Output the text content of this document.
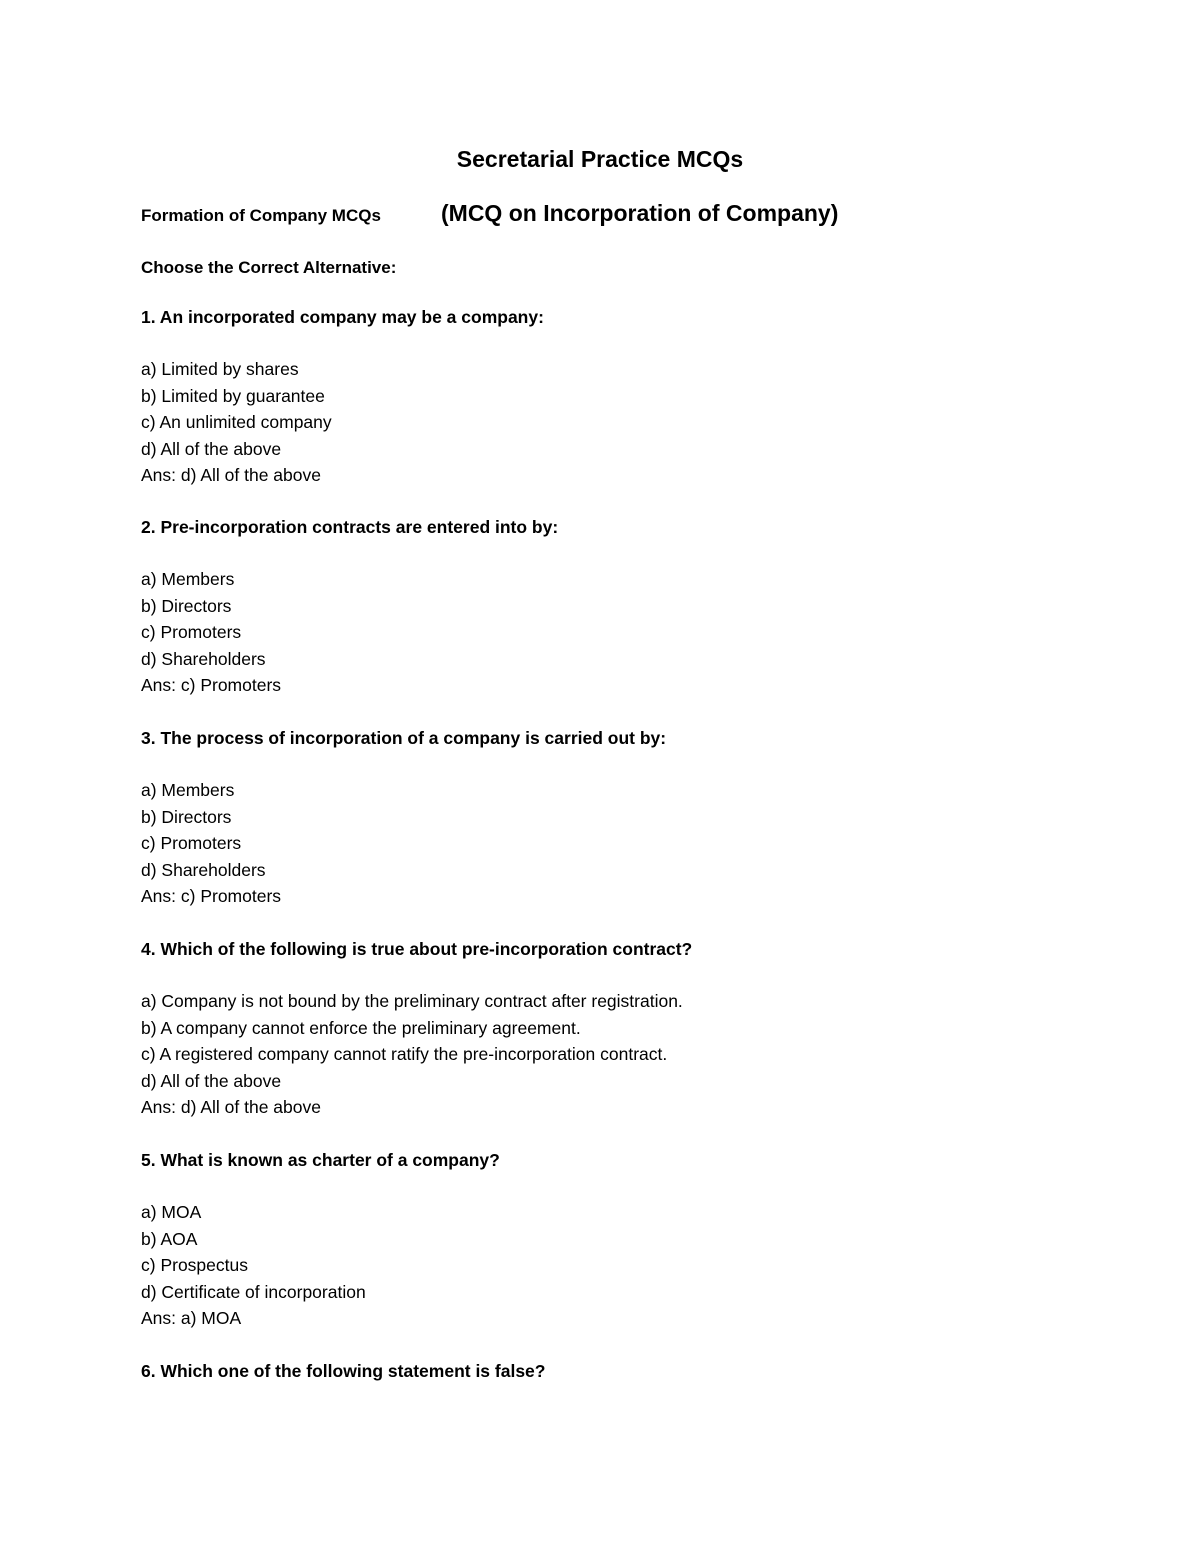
Secretarial Practice MCQs
Formation of Company MCQs	(MCQ on Incorporation of Company)
Choose the Correct Alternative:
1. An incorporated company may be a company:
a) Limited by shares
b) Limited by guarantee
c) An unlimited company
d) All of the above
Ans: d) All of the above
2. Pre-incorporation contracts are entered into by:
a) Members
b) Directors
c) Promoters
d) Shareholders
Ans: c) Promoters
3. The process of incorporation of a company is carried out by:
a) Members
b) Directors
c) Promoters
d) Shareholders
Ans: c) Promoters
4. Which of the following is true about pre-incorporation contract?
a) Company is not bound by the preliminary contract after registration.
b) A company cannot enforce the preliminary agreement.
c) A registered company cannot ratify the pre-incorporation contract.
d) All of the above
Ans: d) All of the above
5. What is known as charter of a company?
a) MOA
b) AOA
c) Prospectus
d) Certificate of incorporation
Ans: a) MOA
6. Which one of the following statement is false?
